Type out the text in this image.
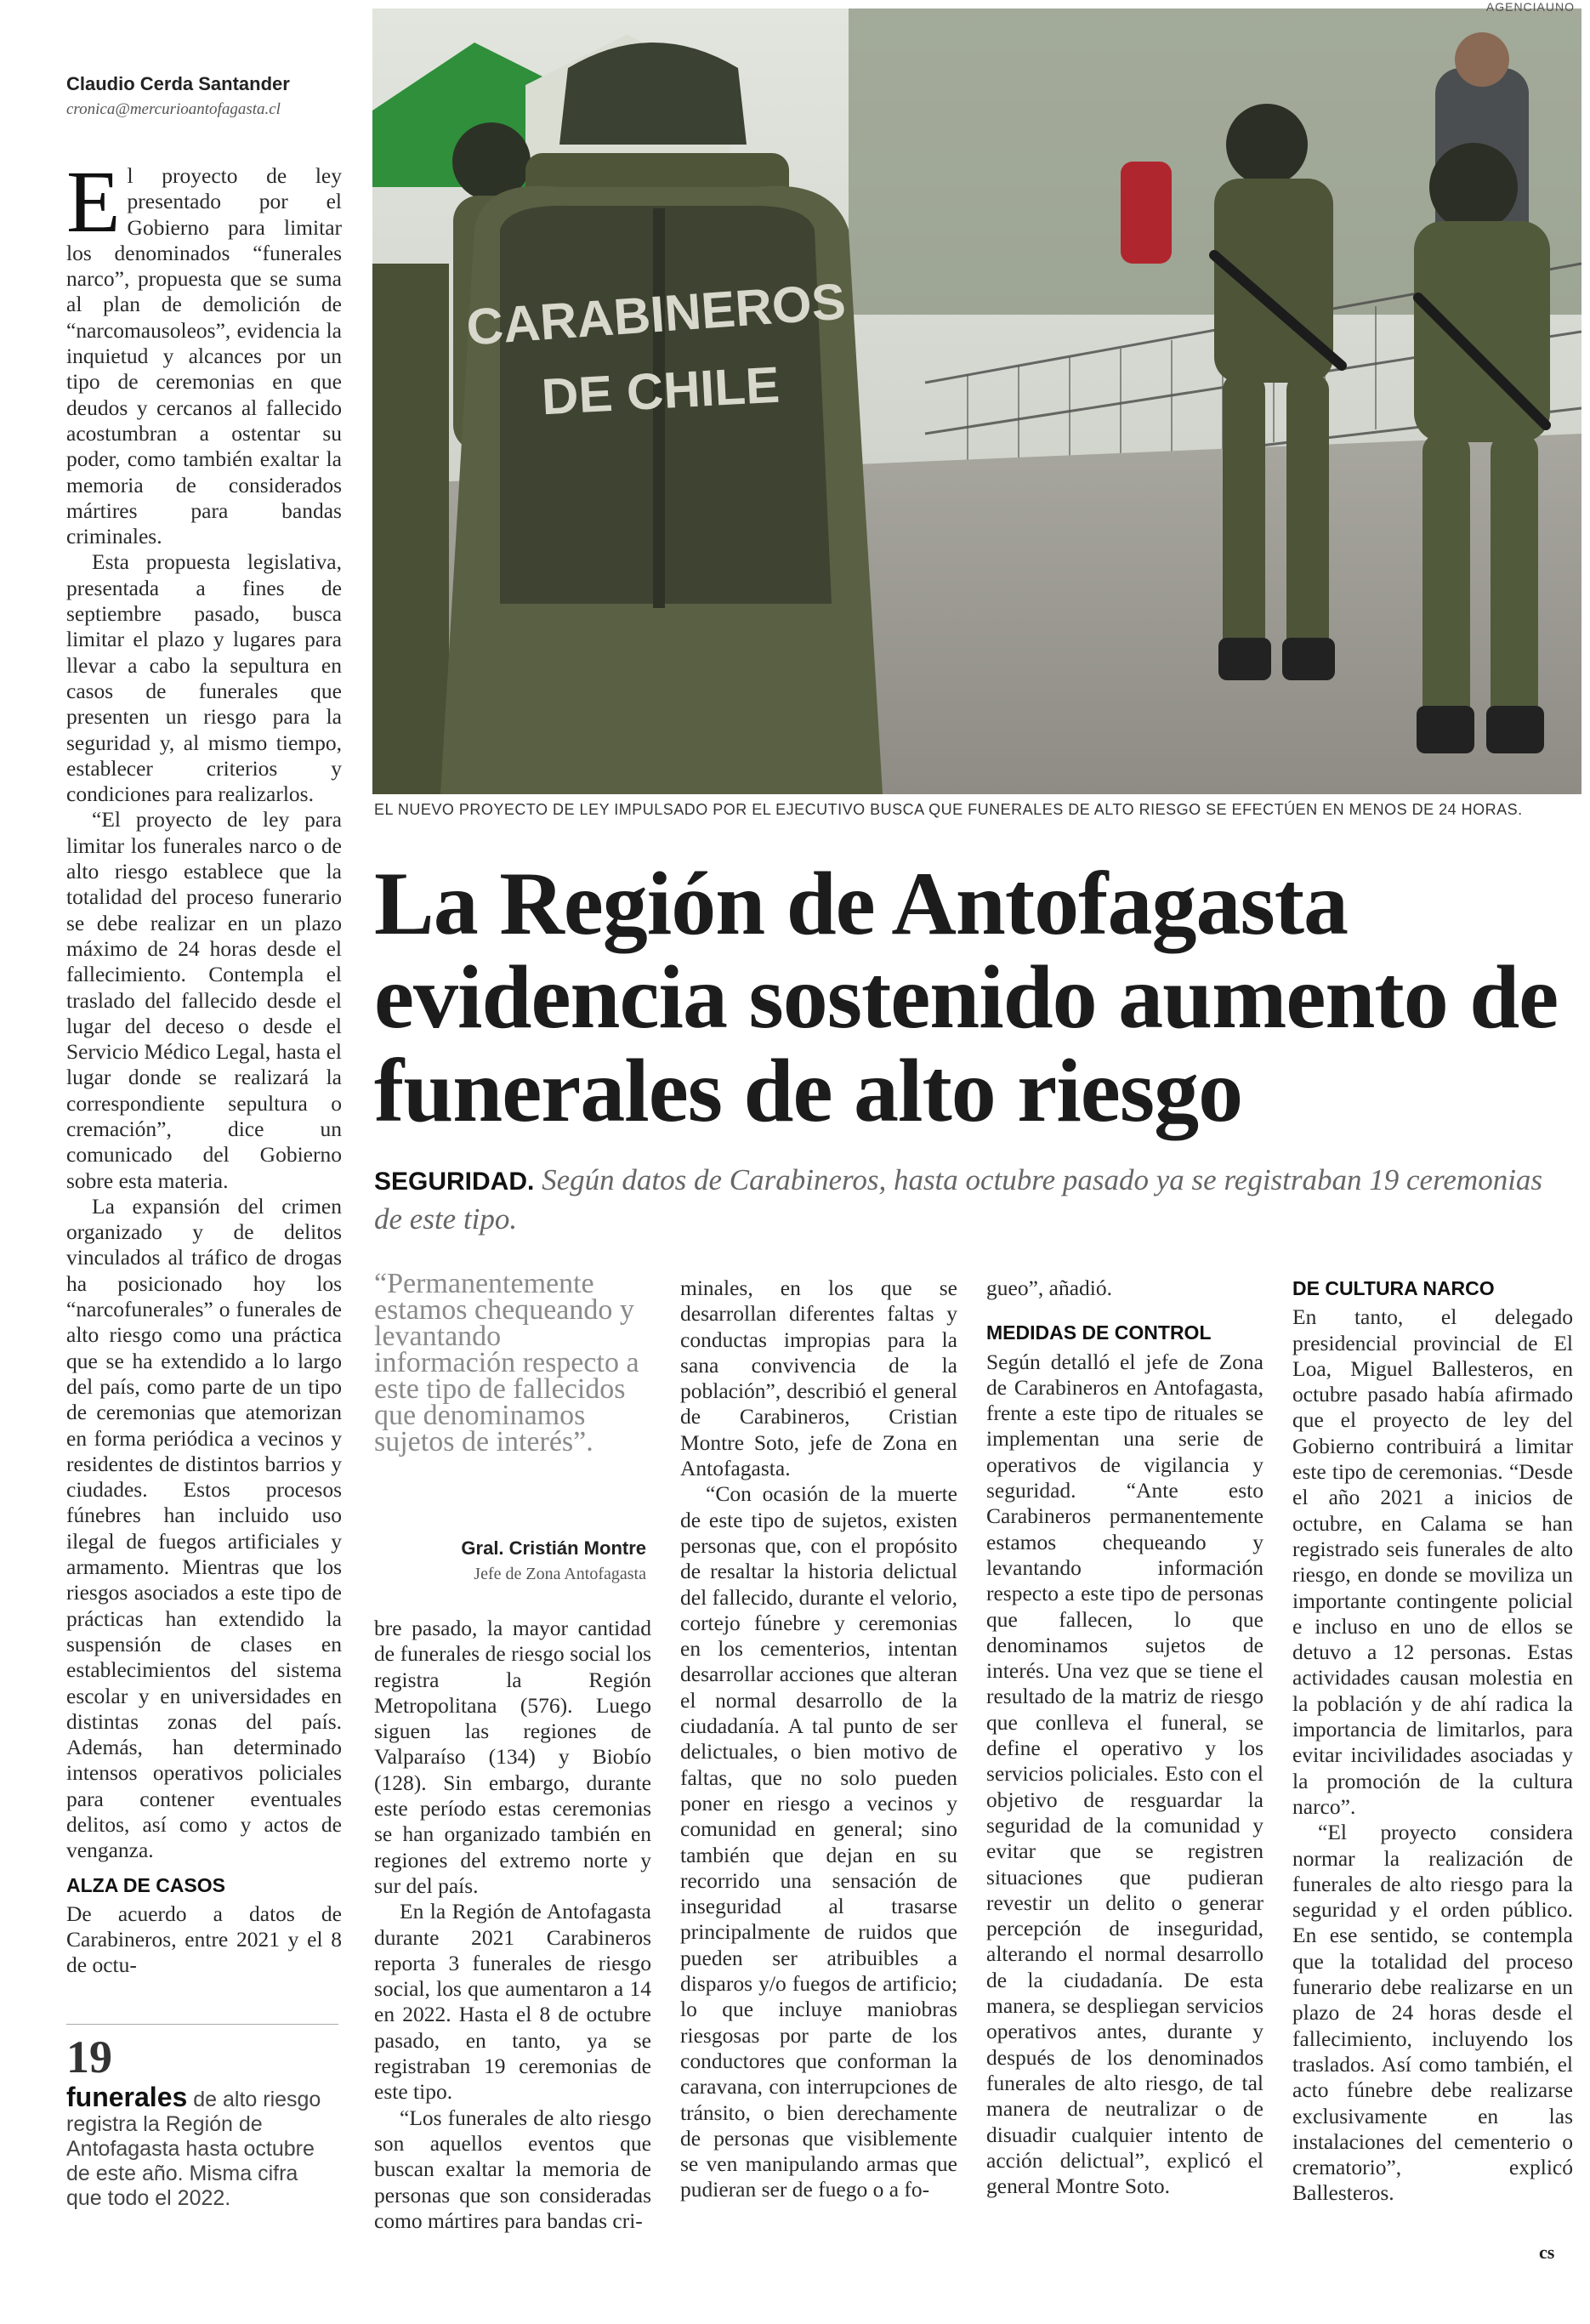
CARABINEROS
DE CHILE
AGENCIAUNO
EL NUEVO PROYECTO DE LEY IMPULSADO POR EL EJECUTIVO BUSCA QUE FUNERALES DE ALTO RIESGO SE EFECTÚEN EN MENOS DE 24 HORAS.
La Región de Antofagasta evidencia sostenido aumento de funerales de alto riesgo
SEGURIDAD. Según datos de Carabineros, hasta octubre pasado ya se registraban 19 ceremonias de este tipo.
Claudio Cerda Santander
cronica@mercurioantofagasta.cl

El proyecto de ley presentado por el Gobierno para limitar los denominados “funerales narco”, propuesta que se suma al plan de demolición de “narcomausoleos”, evidencia la inquietud y alcances por un tipo de ceremonias en que deudos y cercanos al fallecido acostumbran a ostentar su poder, como también exaltar la memoria de considerados mártires para bandas criminales.

Esta propuesta legislativa, presentada a fines de septiembre pasado, busca limitar el plazo y lugares para llevar a cabo la sepultura en casos de funerales que presenten un riesgo para la seguridad y, al mismo tiempo, establecer criterios y condiciones para realizarlos.

“El proyecto de ley para limitar los funerales narco o de alto riesgo establece que la totalidad del proceso funerario se debe realizar en un plazo máximo de 24 horas desde el fallecimiento. Contempla el traslado del fallecido desde el lugar del deceso o desde el Servicio Médico Legal, hasta el lugar donde se realizará la correspondiente sepultura o cremación”, dice un comunicado del Gobierno sobre esta materia.

La expansión del crimen organizado y de delitos vinculados al tráfico de drogas ha posicionado hoy los “narcofunerales” o funerales de alto riesgo como una práctica que se ha extendido a lo largo del país, como parte de un tipo de ceremonias que atemorizan en forma periódica a vecinos y residentes de distintos barrios y ciudades. Estos procesos fúnebres han incluido uso ilegal de fuegos artificiales y armamento. Mientras que los riesgos asociados a este tipo de prácticas han extendido la suspensión de clases en establecimientos del sistema escolar y en universidades en distintas zonas del país. Además, han determinado intensos operativos policiales para contener eventuales delitos, así como y actos de venganza.

ALZA DE CASOS

De acuerdo a datos de Carabineros, entre 2021 y el 8 de octu-

19
funerales de alto riesgo registra la Región de Antofagasta hasta octubre de este año. Misma cifra que todo el 2022.
“Permanentemente estamos chequeando y levantando información respecto a este tipo de fallecidos que denominamos sujetos de interés”.
Gral. Cristián Montre
Jefe de Zona Antofagasta

bre pasado, la mayor cantidad de funerales de riesgo social los registra la Región Metropolitana (576). Luego siguen las regiones de Valparaíso (134) y Biobío (128). Sin embargo, durante este período estas ceremonias se han organizado también en regiones del extremo norte y sur del país.

En la Región de Antofagasta durante 2021 Carabineros reporta 3 funerales de riesgo social, los que aumentaron a 14 en 2022. Hasta el 8 de octubre pasado, en tanto, ya se registraban 19 ceremonias de este tipo.

“Los funerales de alto riesgo son aquellos eventos que buscan exaltar la memoria de personas que son consideradas como mártires para bandas cri-

minales, en los que se desarrollan diferentes faltas y conductas impropias para la sana convivencia de la población”, describió el general de Carabineros, Cristian Montre Soto, jefe de Zona en Antofagasta.

“Con ocasión de la muerte de este tipo de sujetos, existen personas que, con el propósito de resaltar la historia delictual del fallecido, durante el velorio, cortejo fúnebre y ceremonias en los cementerios, intentan desarrollar acciones que alteran el normal desarrollo de la ciudadanía. A tal punto de ser delictuales, o bien motivo de faltas, que no solo pueden poner en riesgo a vecinos y comunidad en general; sino también que dejan en su recorrido una sensación de inseguridad al trasarse principalmente de ruidos que pueden ser atribuibles a disparos y/o fuegos de artificio; lo que incluye maniobras riesgosas por parte de los conductores que conforman la caravana, con interrupciones de tránsito, o bien derechamente de personas que visiblemente se ven manipulando armas que pudieran ser de fuego o a fo-

gueo”, añadió.

MEDIDAS DE CONTROL

Según detalló el jefe de Zona de Carabineros en Antofagasta, frente a este tipo de rituales se implementan una serie de operativos de vigilancia y seguridad. “Ante esto Carabineros permanentemente estamos chequeando y levantando información respecto a este tipo de personas que fallecen, lo que denominamos sujetos de interés. Una vez que se tiene el resultado de la matriz de riesgo que conlleva el funeral, se define el operativo y los servicios policiales. Esto con el objetivo de resguardar la seguridad de la comunidad y evitar que se registren situaciones que pudieran revestir un delito o generar percepción de inseguridad, alterando el normal desarrollo de la ciudadanía. De esta manera, se despliegan servicios operativos antes, durante y después de los denominados funerales de alto riesgo, de tal manera de neutralizar o de disuadir cualquier intento de acción delictual”, explicó el general Montre Soto.

DE CULTURA NARCO

En tanto, el delegado presidencial provincial de El Loa, Miguel Ballesteros, en octubre pasado había afirmado que el proyecto de ley del Gobierno contribuirá a limitar este tipo de ceremonias. “Desde el año 2021 a inicios de octubre, en Calama se han registrado seis funerales de alto riesgo, en donde se moviliza un importante contingente policial e incluso en uno de ellos se detuvo a 12 personas. Estas actividades causan molestia en la población y de ahí radica la importancia de limitarlos, para evitar incivilidades asociadas y la promoción de la cultura narco”.

“El proyecto considera normar la realización de funerales de alto riesgo para la seguridad y el orden público. En ese sentido, se contempla que la totalidad del proceso funerario debe realizarse en un plazo de 24 horas desde el fallecimiento, incluyendo los traslados. Así como también, el acto fúnebre debe realizarse exclusivamente en las instalaciones del cementerio o crematorio”, explicó Ballesteros.

cs
